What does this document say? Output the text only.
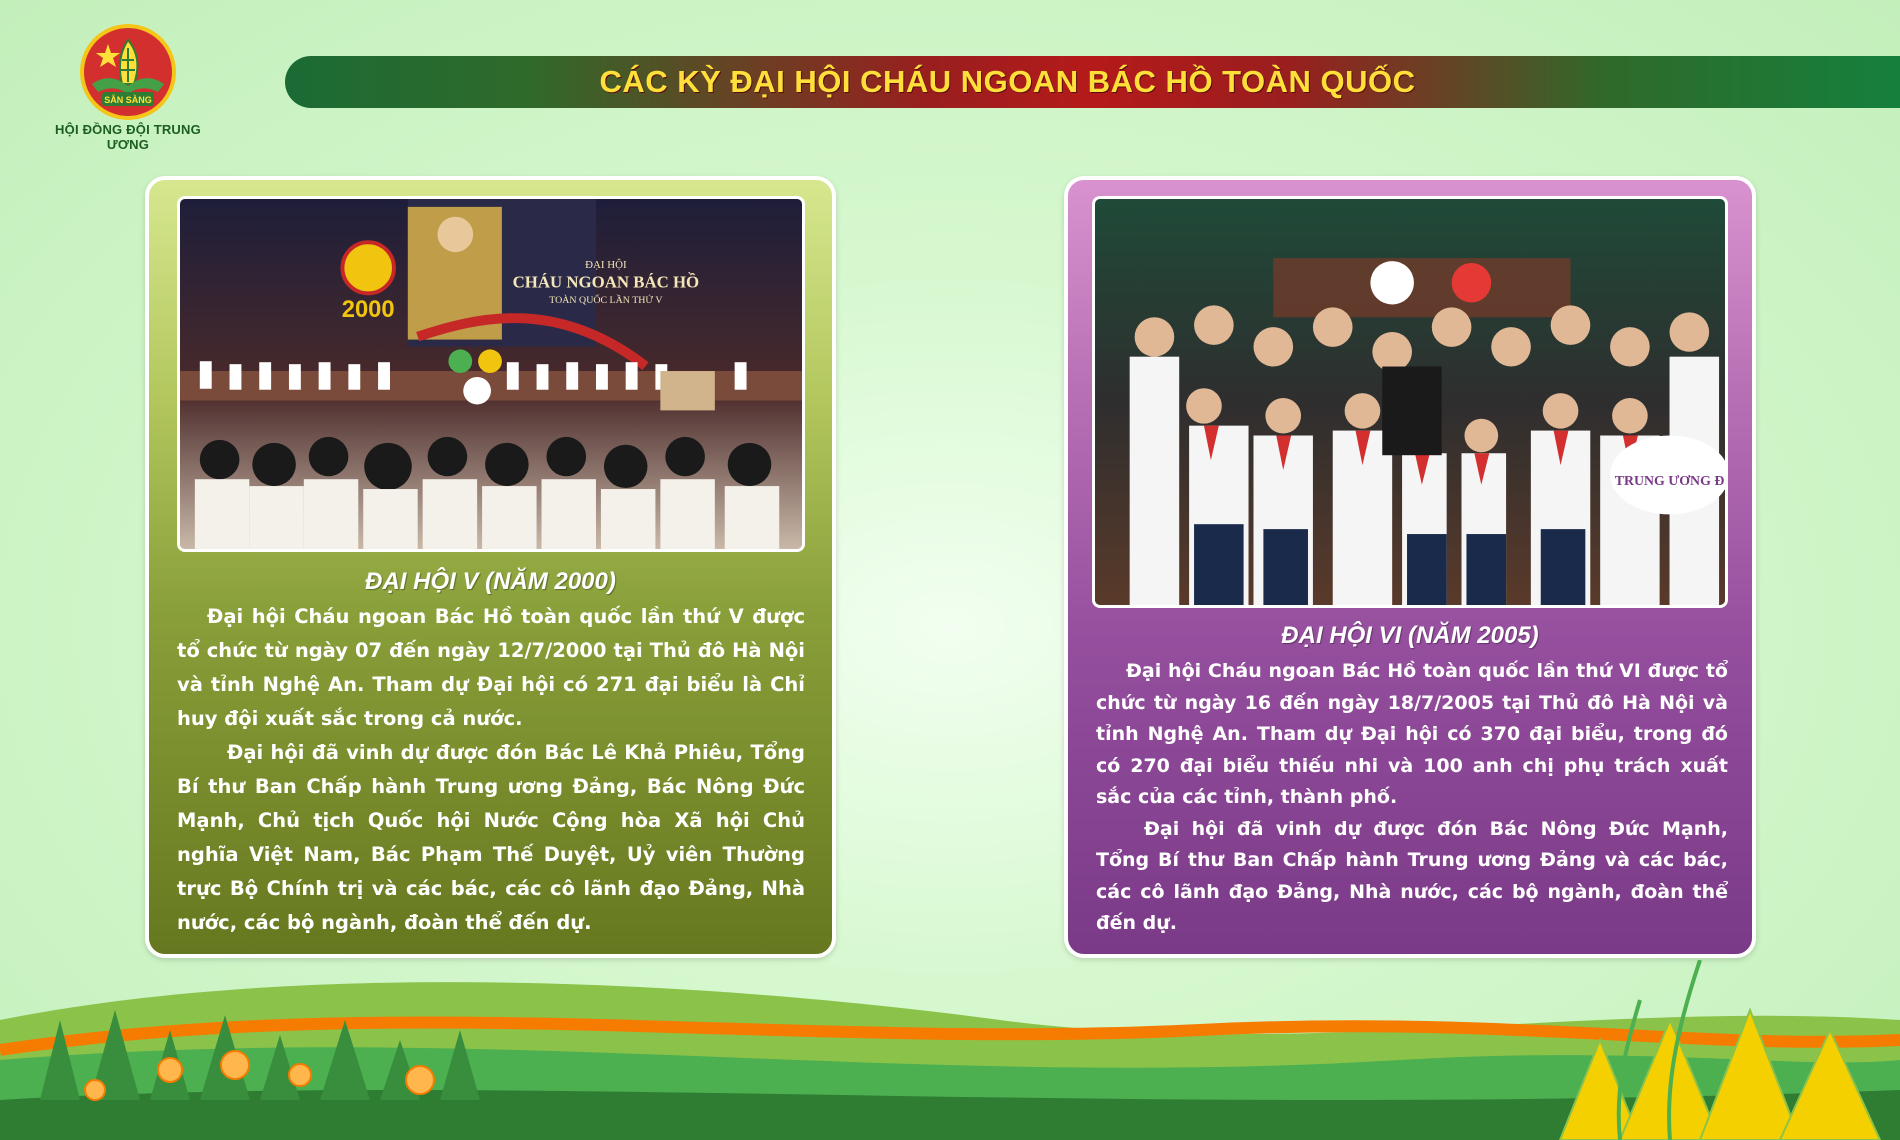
SẴN SÀNG
HỘI ĐỒNG ĐỘI TRUNG ƯƠNG
CÁC KỲ ĐẠI HỘI CHÁU NGOAN BÁC HỒ TOÀN QUỐC
2000
ĐẠI HỘI
CHÁU NGOAN BÁC HỒ
TOÀN QUỐC LẦN THỨ V
ĐẠI HỘI V (NĂM 2000)

Đại hội Cháu ngoan Bác Hồ toàn quốc lần thứ V được tổ chức từ ngày 07 đến ngày 12/7/2000 tại Thủ đô Hà Nội và tỉnh Nghệ An. Tham dự Đại hội có 271 đại biểu là Chỉ huy đội xuất sắc trong cả nước.

Đại hội đã vinh dự được đón Bác Lê Khả Phiêu, Tổng Bí thư Ban Chấp hành Trung ương Đảng, Bác Nông Đức Mạnh, Chủ tịch Quốc hội Nước Cộng hòa Xã hội Chủ nghĩa Việt Nam, Bác Phạm Thế Duyệt, Uỷ viên Thường trực Bộ Chính trị và các bác, các cô lãnh đạo Đảng, Nhà nước, các bộ ngành, đoàn thể đến dự.

TRUNG ƯƠNG Đ
ĐẠI HỘI VI (NĂM 2005)

Đại hội Cháu ngoan Bác Hồ toàn quốc lần thứ VI được tổ chức từ ngày 16 đến ngày 18/7/2005 tại Thủ đô Hà Nội và tỉnh Nghệ An. Tham dự Đại hội có 370 đại biểu, trong đó có 270 đại biểu thiếu nhi và 100 anh chị phụ trách xuất sắc của các tỉnh, thành phố.

Đại hội đã vinh dự được đón Bác Nông Đức Mạnh, Tổng Bí thư Ban Chấp hành Trung ương Đảng và các bác, các cô lãnh đạo Đảng, Nhà nước, các bộ ngành, đoàn thể đến dự.
